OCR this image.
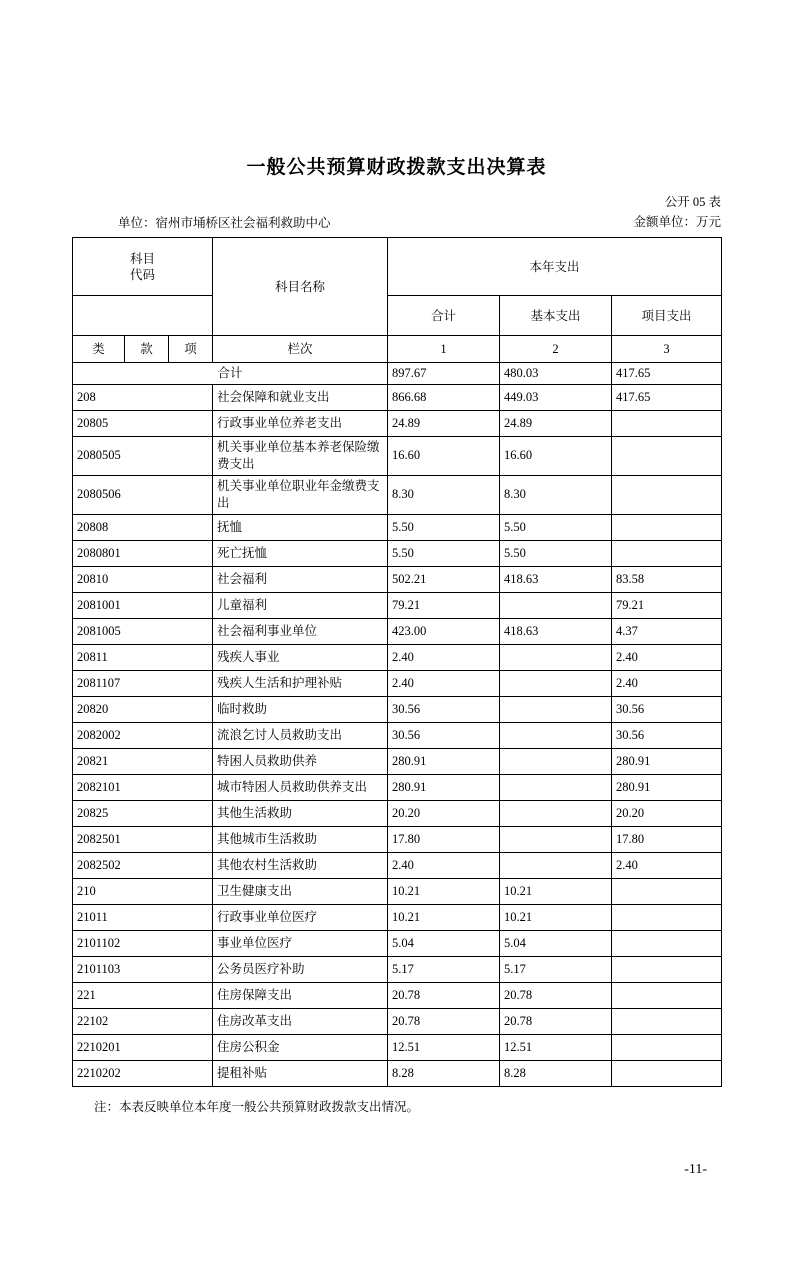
一般公共预算财政拨款支出决算表
单位：宿州市埇桥区社会福利救助中心
公开 05 表
金额单位：万元
科目
代码			科目名称	本年支出		
				合计	基本支出	项目支出
类	款	项	栏次	1	2	3
合计				897.67	480.03	417.65
208			社会保障和就业支出	866.68	449.03	417.65
20805			行政事业单位养老支出	24.89	24.89	
2080505			机关事业单位基本养老保险缴费支出	16.60	16.60	
2080506			机关事业单位职业年金缴费支出	8.30	8.30	
20808			抚恤	5.50	5.50	
2080801			死亡抚恤	5.50	5.50	
20810			社会福利	502.21	418.63	83.58
2081001			儿童福利	79.21		79.21
2081005			社会福利事业单位	423.00	418.63	4.37
20811			残疾人事业	2.40		2.40
2081107			残疾人生活和护理补贴	2.40		2.40
20820			临时救助	30.56		30.56
2082002			流浪乞讨人员救助支出	30.56		30.56
20821			特困人员救助供养	280.91		280.91
2082101			城市特困人员救助供养支出	280.91		280.91
20825			其他生活救助	20.20		20.20
2082501			其他城市生活救助	17.80		17.80
2082502			其他农村生活救助	2.40		2.40
210			卫生健康支出	10.21	10.21	
21011			行政事业单位医疗	10.21	10.21	
2101102			事业单位医疗	5.04	5.04	
2101103			公务员医疗补助	5.17	5.17	
221			住房保障支出	20.78	20.78	
22102			住房改革支出	20.78	20.78	
2210201			住房公积金	12.51	12.51	
2210202			提租补贴	8.28	8.28	
注：本表反映单位本年度一般公共预算财政拨款支出情况。
-11-
